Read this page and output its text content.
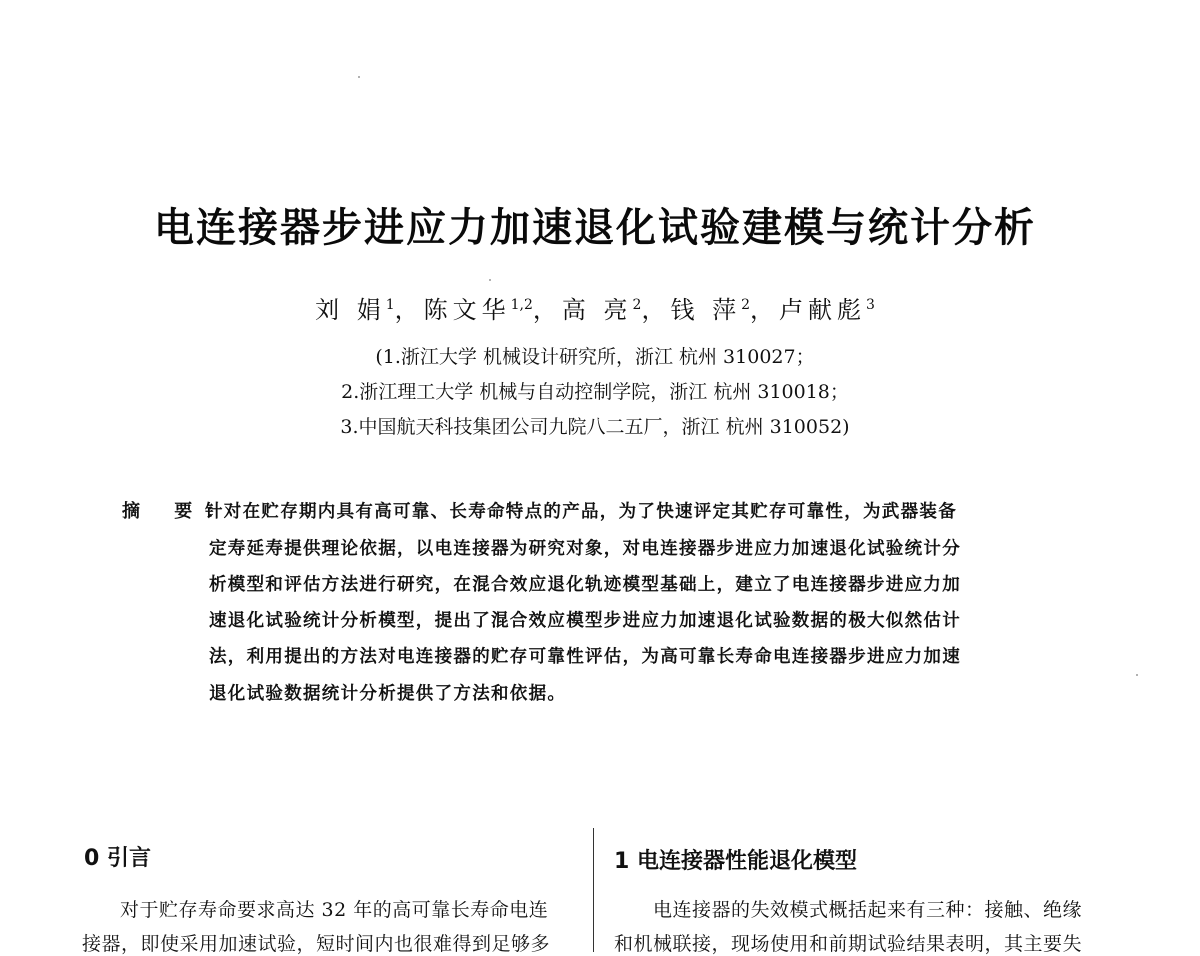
电连接器步进应力加速退化试验建模与统计分析
刘 娟$^1$，陈文华$^{1,2}$，高 亮$^2$，钱 萍$^2$，卢献彪$^3$
(1.浙江大学 机械设计研究所，浙江 杭州 310027；
2.浙江理工大学 机械与自动控制学院，浙江 杭州 310018；
3.中国航天科技集团公司九院八二五厂，浙江 杭州 310052)
摘 要：
针对在贮存期内具有高可靠、长寿命特点的产品，为了快速评定其贮存可靠性，为武器装备
定寿延寿提供理论依据，以电连接器为研究对象，对电连接器步进应力加速退化试验统计分
析模型和评估方法进行研究，在混合效应退化轨迹模型基础上，建立了电连接器步进应力加
速退化试验统计分析模型，提出了混合效应模型步进应力加速退化试验数据的极大似然估计
法，利用提出的方法对电连接器的贮存可靠性评估，为高可靠长寿命电连接器步进应力加速
退化试验数据统计分析提供了方法和依据。
0 引言
对于贮存寿命要求高达 32 年的高可靠长寿命电连
接器，即使采用加速试验，短时间内也很难得到足够多
1 电连接器性能退化模型
电连接器的失效模式概括起来有三种：接触、绝缘
和机械联接，现场使用和前期试验结果表明，其主要失
